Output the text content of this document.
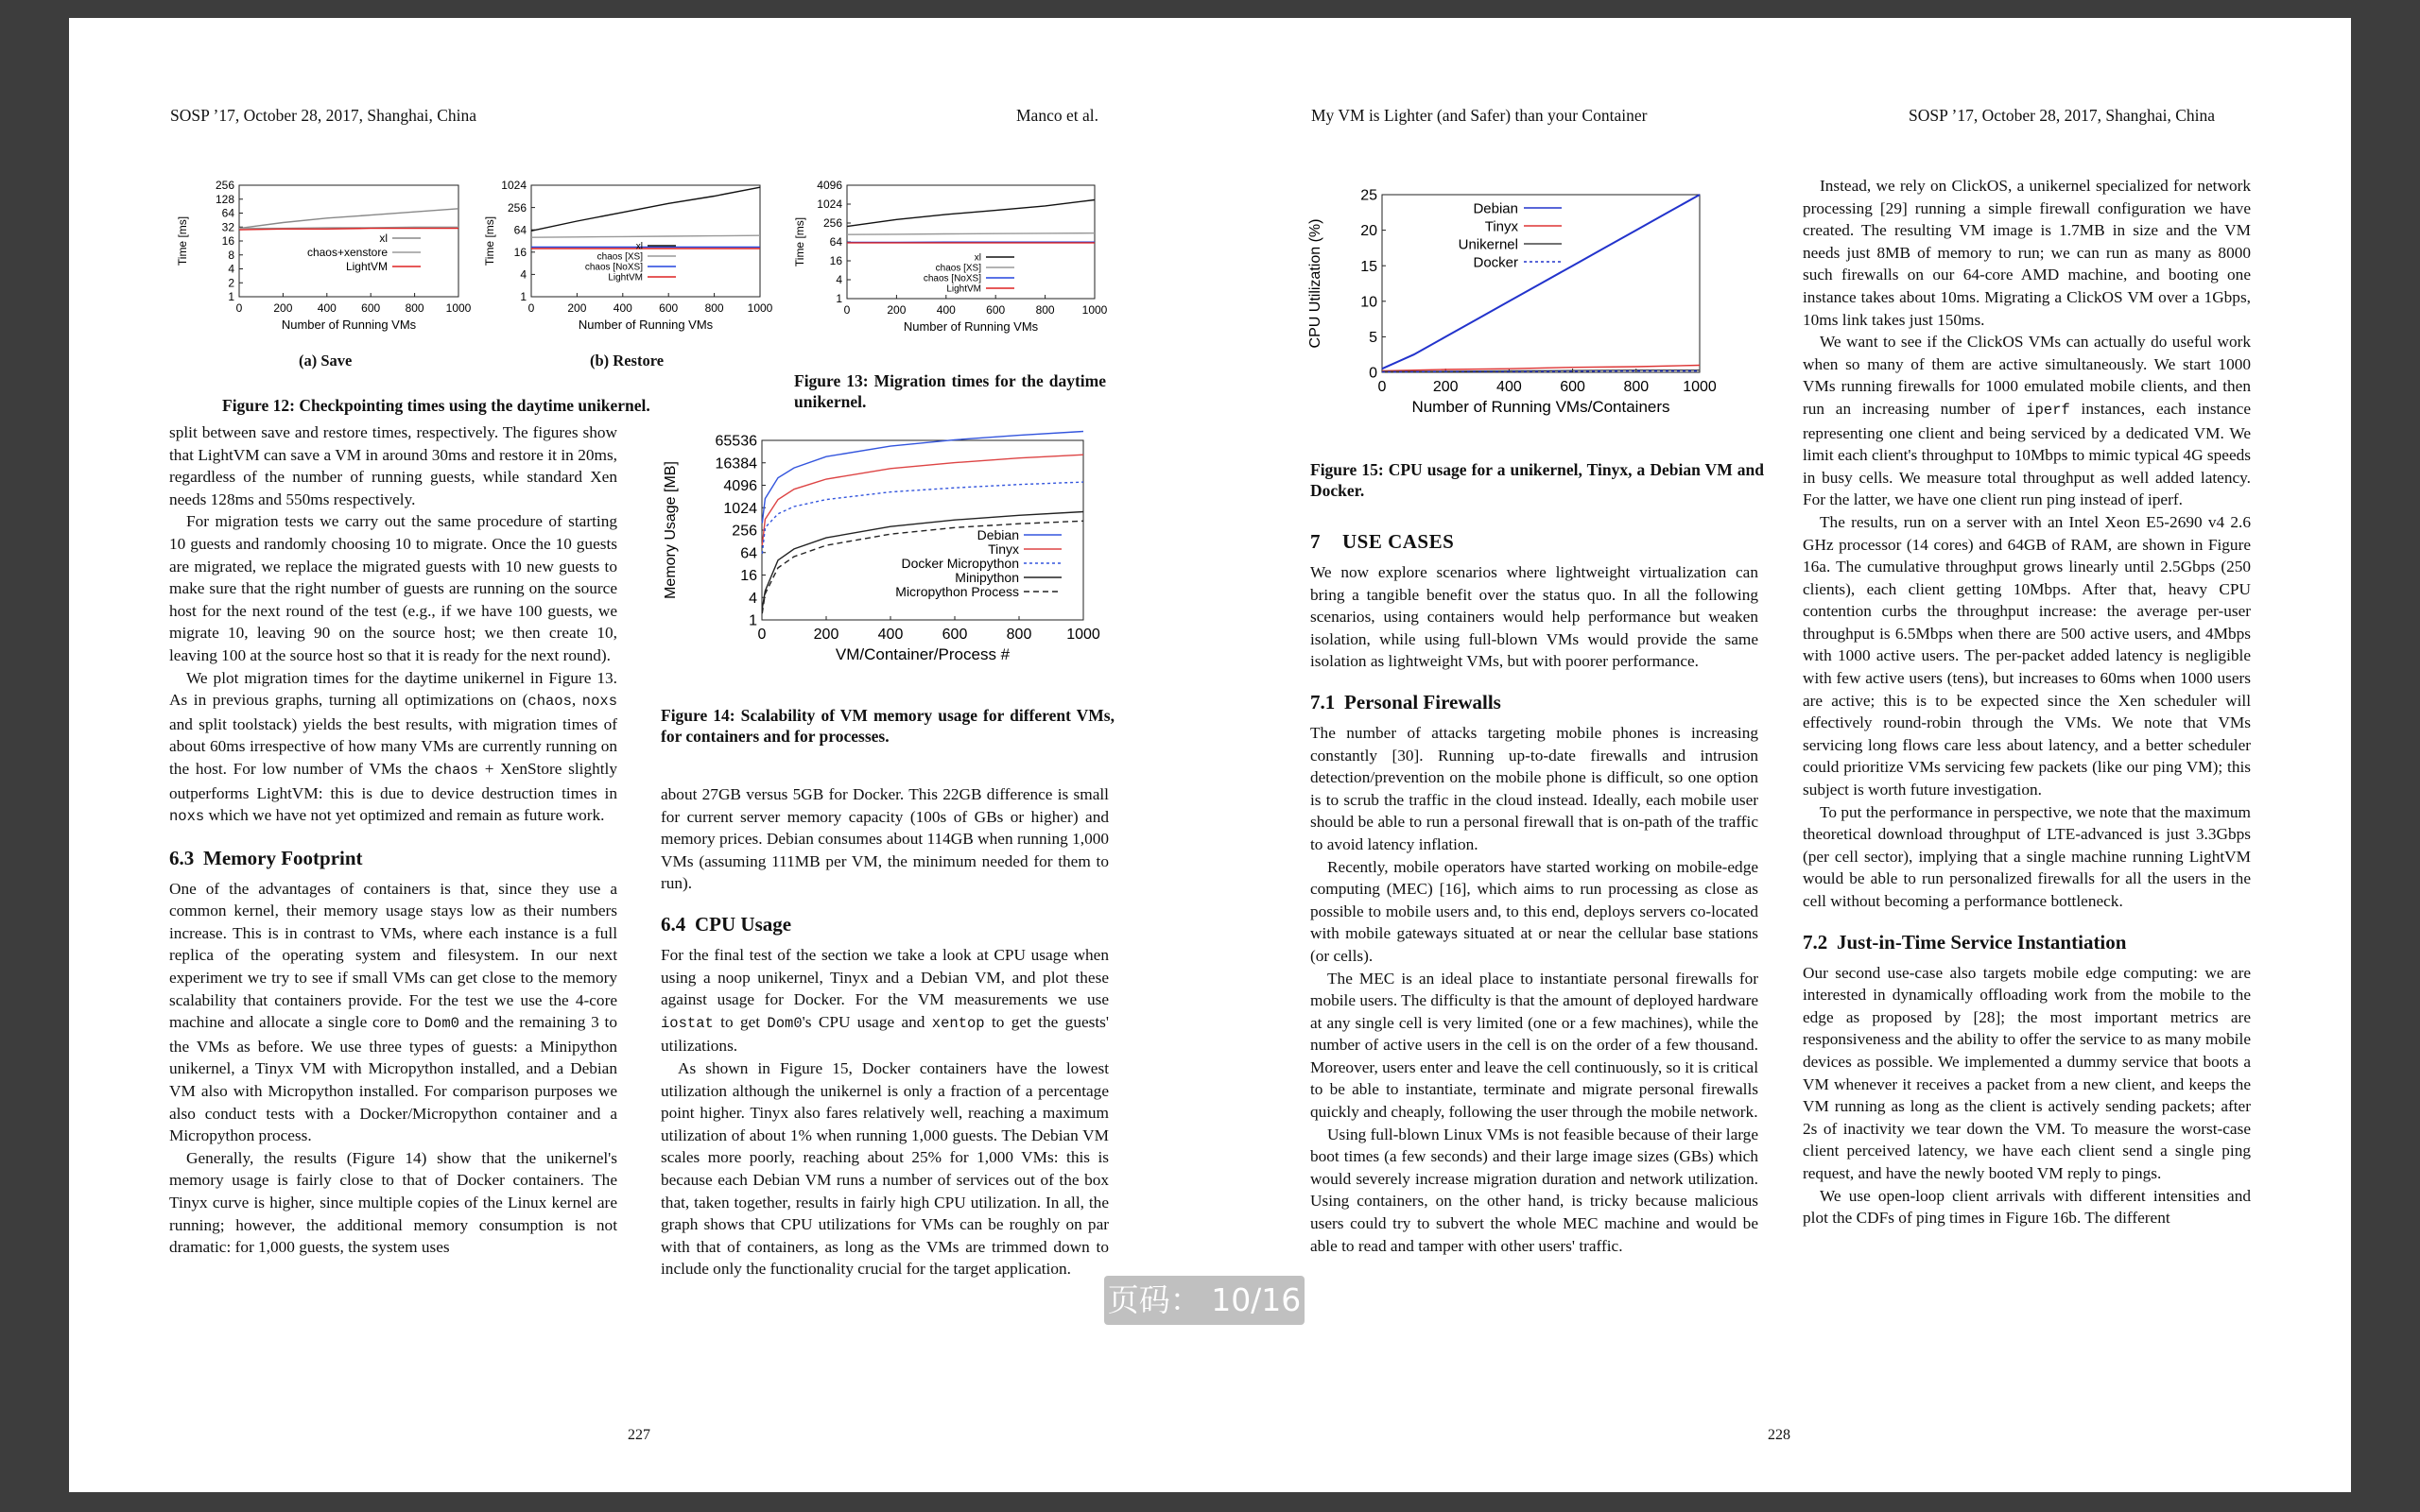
SOSP ’17, October 28, 2017, Shanghai, China	Manco et al.
0	200 400 600 800 1000
1
2
4
8
16
32
64
128
256
Number of Running VMs
Time [ms]	xl
chaos+xenstore
LightVM
0	200 400 600 800 1000
1
4
16
64
256
1024
Number of Running VMs
Time [ms]	xl
chaos [XS]
chaos [NoXS]
LightVM
0	200	400	600	800 1000
1
4
16
64
256
1024
4096
Number of Running VMs
Time [ms]	xl
chaos [XS]
chaos [NoXS]
LightVM
(a) Save	(b) Restore
Figure 12: Checkpointing times using the daytime unikernel.
Figure 13: Migration times for the daytime unikernel.
0	200	400	600	800 1000
1
4
16
64
256
1024
4096
16384
65536
VM/Container/Process #
Memory Usage [MB]	Debian
Tinyx
Docker Micropython
Minipython
Micropython Process
Figure 14: Scalability of VM memory usage for different VMs, for containers and for processes.

split between save and restore times, respectively. The figures show that LightVM can save a VM in around 30ms and restore it in 20ms, regardless of the number of running guests, while standard Xen needs 128ms and 550ms respectively.

For migration tests we carry out the same procedure of starting 10 guests and randomly choosing 10 to migrate. Once the 10 guests are migrated, we replace the migrated guests with 10 new guests to make sure that the right number of guests are running on the source host for the next round of the test (e.g., if we have 100 guests, we migrate 10, leaving 90 on the source host; we then create 10, leaving 100 at the source host so that it is ready for the next round).

We plot migration times for the daytime unikernel in Figure 13. As in previous graphs, turning all optimizations on (chaos, noxs and split toolstack) yields the best results, with migration times of about 60ms irrespective of how many VMs are currently running on the host. For low number of VMs the chaos + XenStore slightly outperforms LightVM: this is due to device destruction times in noxs which we have not yet optimized and remain as future work.

6.3 Memory Footprint

One of the advantages of containers is that, since they use a common kernel, their memory usage stays low as their numbers increase. This is in contrast to VMs, where each instance is a full replica of the operating system and filesystem. In our next experiment we try to see if small VMs can get close to the memory scalability that containers provide. For the test we use the 4-core machine and allocate a single core to Dom0 and the remaining 3 to the VMs as before. We use three types of guests: a Minipython unikernel, a Tinyx VM with Micropython installed, and a Debian VM also with Micropython installed. For comparison purposes we also conduct tests with a Docker/Micropython container and a Micropython process.

Generally, the results (Figure 14) show that the unikernel's memory usage is fairly close to that of Docker containers. The Tinyx curve is higher, since multiple copies of the Linux kernel are running; however, the additional memory consumption is not dramatic: for 1,000 guests, the system uses

about 27GB versus 5GB for Docker. This 22GB difference is small for current server memory capacity (100s of GBs or higher) and memory prices. Debian consumes about 114GB when running 1,000 VMs (assuming 111MB per VM, the minimum needed for them to run).

6.4 CPU Usage

For the final test of the section we take a look at CPU usage when using a noop unikernel, Tinyx and a Debian VM, and plot these against usage for Docker. For the VM measurements we use iostat to get Dom0's CPU usage and xentop to get the guests' utilizations.

As shown in Figure 15, Docker containers have the lowest utilization although the unikernel is only a fraction of a percentage point higher. Tinyx also fares relatively well, reaching a maximum utilization of about 1% when running 1,000 guests. The Debian VM scales more poorly, reaching about 25% for 1,000 VMs: this is because each Debian VM runs a number of services out of the box that, taken together, results in fairly high CPU utilization. In all, the graph shows that CPU utilizations for VMs can be roughly on par with that of containers, as long as the VMs are trimmed down to include only the functionality crucial for the target application.

227
My VM is Lighter (and Safer) than your Container	SOSP ’17, October 28, 2017, Shanghai, China
0	200	400	600	800 1000
0
5
10
15
20
25
Number of Running VMs/Containers
CPU Utilization (%)
Debian
Tinyx
Unikernel
Docker
Figure 15: CPU usage for a unikernel, Tinyx, a Debian VM and Docker.
7 USE CASES

We now explore scenarios where lightweight virtualization can bring a tangible benefit over the status quo. In all the following scenarios, using containers would help performance but weaken isolation, while using full-blown VMs would provide the same isolation as lightweight VMs, but with poorer performance.

7.1 Personal Firewalls

The number of attacks targeting mobile phones is increasing constantly [30]. Running up-to-date firewalls and intrusion detection/prevention on the mobile phone is difficult, so one option is to scrub the traffic in the cloud instead. Ideally, each mobile user should be able to run a personal firewall that is on-path of the traffic to avoid latency inflation.

Recently, mobile operators have started working on mobile-edge computing (MEC) [16], which aims to run processing as close as possible to mobile users and, to this end, deploys servers co-located with mobile gateways situated at or near the cellular base stations (or cells).

The MEC is an ideal place to instantiate personal firewalls for mobile users. The difficulty is that the amount of deployed hardware at any single cell is very limited (one or a few machines), while the number of active users in the cell is on the order of a few thousand. Moreover, users enter and leave the cell continuously, so it is critical to be able to instantiate, terminate and migrate personal firewalls quickly and cheaply, following the user through the mobile network.

Using full-blown Linux VMs is not feasible because of their large boot times (a few seconds) and their large image sizes (GBs) which would severely increase migration duration and network utilization. Using containers, on the other hand, is tricky because malicious users could try to subvert the whole MEC machine and would be able to read and tamper with other users' traffic.

Instead, we rely on ClickOS, a unikernel specialized for network processing [29] running a simple firewall configuration we have created. The resulting VM image is 1.7MB in size and the VM needs just 8MB of memory to run; we can run as many as 8000 such firewalls on our 64-core AMD machine, and booting one instance takes about 10ms. Migrating a ClickOS VM over a 1Gbps, 10ms link takes just 150ms.

We want to see if the ClickOS VMs can actually do useful work when so many of them are active simultaneously. We start 1000 VMs running firewalls for 1000 emulated mobile clients, and then run an increasing number of iperf instances, each instance representing one client and being serviced by a dedicated VM. We limit each client's throughput to 10Mbps to mimic typical 4G speeds in busy cells. We measure total throughput as well added latency. For the latter, we have one client run ping instead of iperf.

The results, run on a server with an Intel Xeon E5-2690 v4 2.6 GHz processor (14 cores) and 64GB of RAM, are shown in Figure 16a. The cumulative throughput grows linearly until 2.5Gbps (250 clients), each client getting 10Mbps. After that, heavy CPU contention curbs the throughput increase: the average per-user throughput is 6.5Mbps when there are 500 active users, and 4Mbps with 1000 active users. The per-packet added latency is negligible with few active users (tens), but increases to 60ms when 1000 users are active; this is to be expected since the Xen scheduler will effectively round-robin through the VMs. We note that VMs servicing long flows care less about latency, and a better scheduler could prioritize VMs servicing few packets (like our ping VM); this subject is worth future investigation.

To put the performance in perspective, we note that the maximum theoretical download throughput of LTE-advanced is just 3.3Gbps (per cell sector), implying that a single machine running LightVM would be able to run personalized firewalls for all the users in the cell without becoming a performance bottleneck.

7.2 Just-in-Time Service Instantiation

Our second use-case also targets mobile edge computing: we are interested in dynamically offloading work from the mobile to the edge as proposed by [28]; the most important metrics are responsiveness and the ability to offer the service to as many mobile devices as possible. We implemented a dummy service that boots a VM whenever it receives a packet from a new client, and keeps the VM running as long as the client is actively sending packets; after 2s of inactivity we tear down the VM. To measure the worst-case client perceived latency, we have each client send a single ping request, and have the newly booted VM reply to pings.

We use open-loop client arrivals with different intensities and plot the CDFs of ping times in Figure 16b. The different

228
页码： 10/16
